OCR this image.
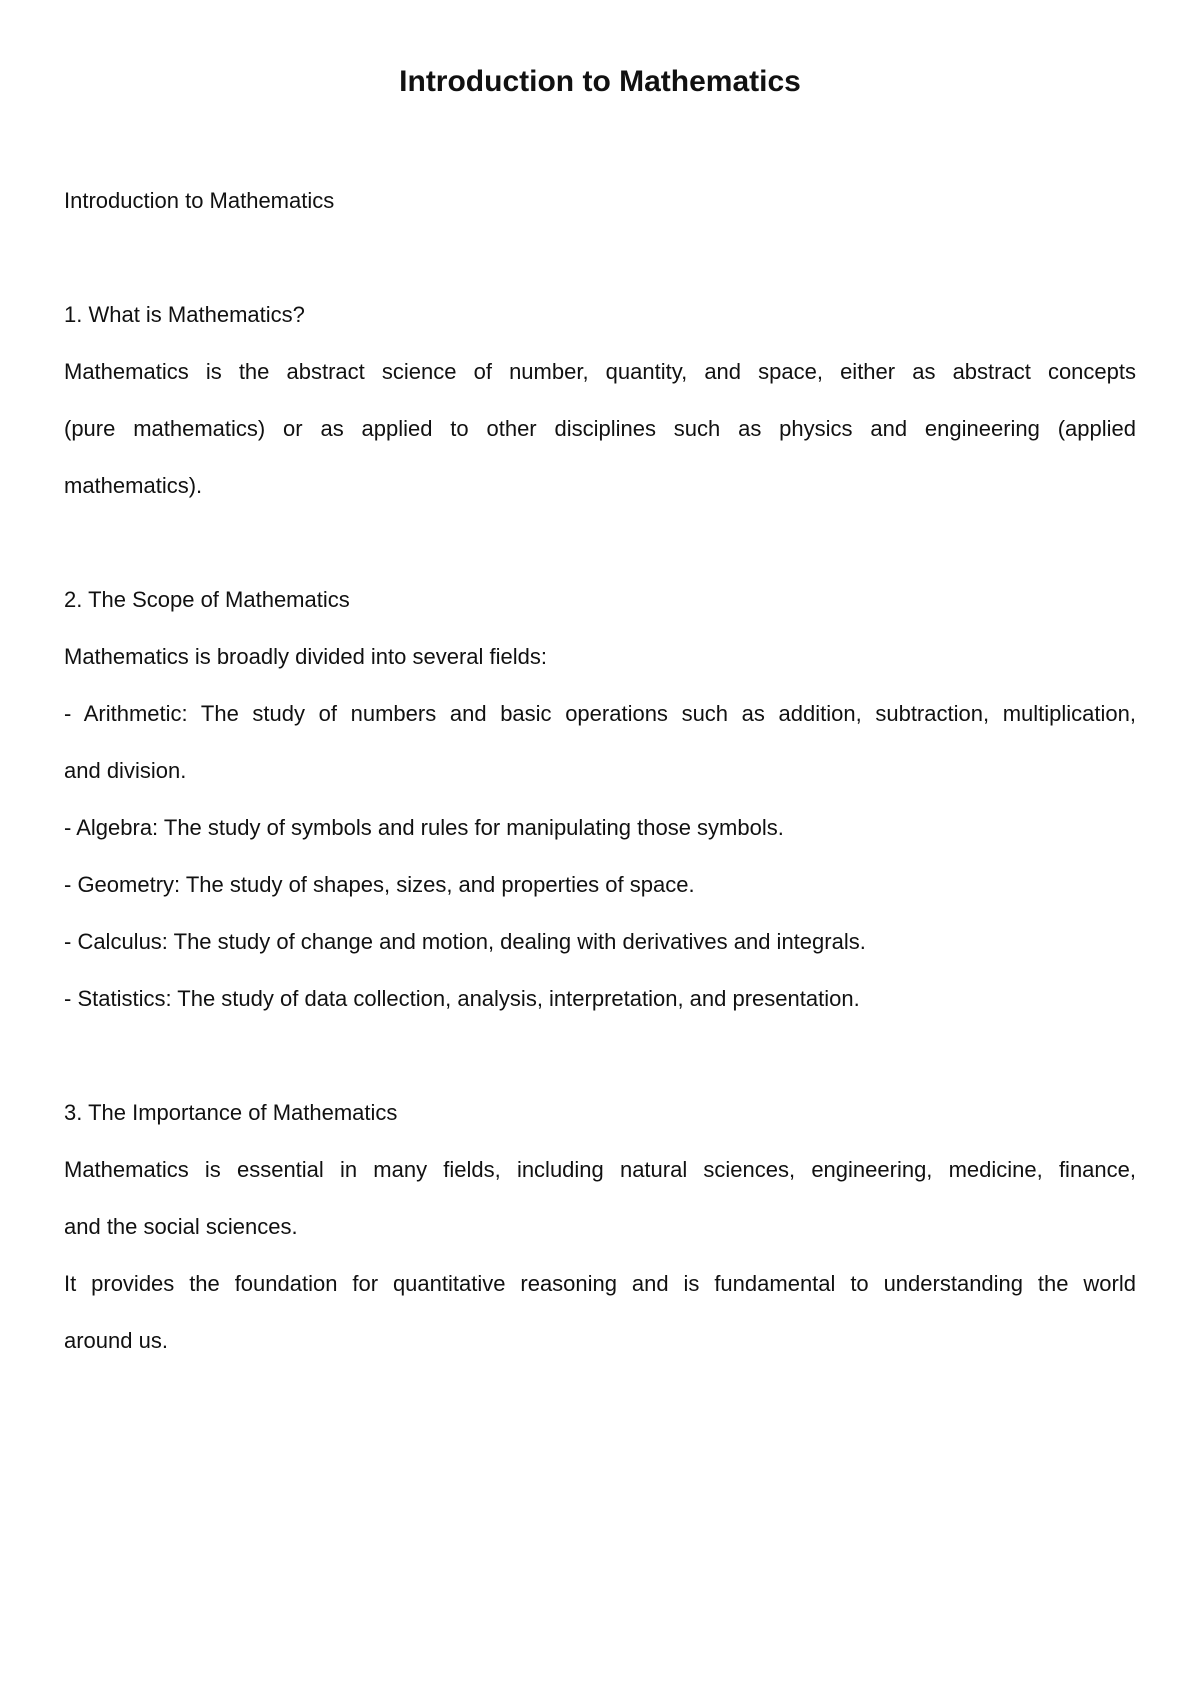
Introduction to Mathematics
Introduction to Mathematics
1. What is Mathematics?
Mathematics is the abstract science of number, quantity, and space, either as abstract concepts
(pure mathematics) or as applied to other disciplines such as physics and engineering (applied
mathematics).
2. The Scope of Mathematics
Mathematics is broadly divided into several fields:
- Arithmetic: The study of numbers and basic operations such as addition, subtraction, multiplication,
and division.
- Algebra: The study of symbols and rules for manipulating those symbols.
- Geometry: The study of shapes, sizes, and properties of space.
- Calculus: The study of change and motion, dealing with derivatives and integrals.
- Statistics: The study of data collection, analysis, interpretation, and presentation.
3. The Importance of Mathematics
Mathematics is essential in many fields, including natural sciences, engineering, medicine, finance,
and the social sciences.
It provides the foundation for quantitative reasoning and is fundamental to understanding the world
around us.
